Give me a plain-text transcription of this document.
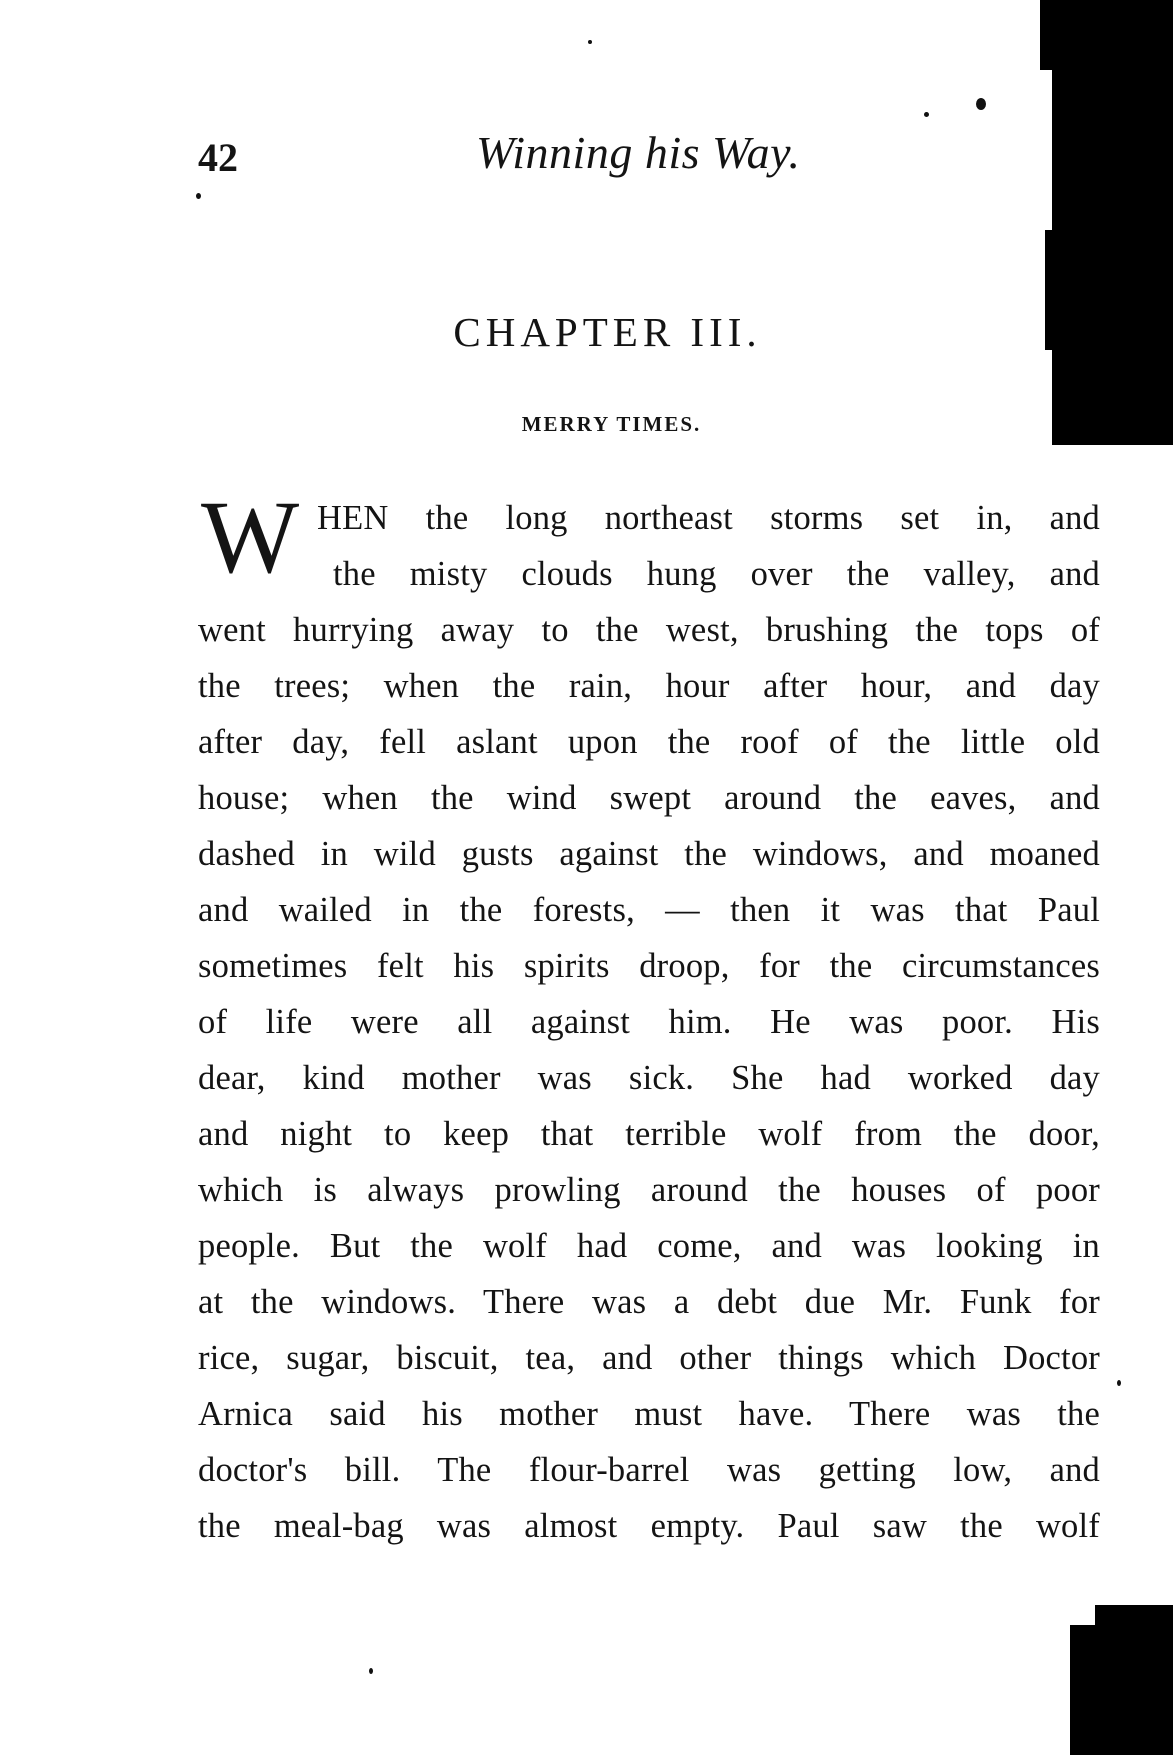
42	Winning his Way.
CHAPTER III.
MERRY TIMES.
W HEN the long northeast storms set in, and
the misty clouds hung over the valley, and
went hurrying away to the west, brushing the tops of
the trees; when the rain, hour after hour, and day
after day, fell aslant upon the roof of the little old
house; when the wind swept around the eaves, and
dashed in wild gusts against the windows, and moaned
and wailed in the forests, — then it was that Paul
sometimes felt his spirits droop, for the circumstances
of life were all against him. He was poor. His
dear, kind mother was sick. She had worked day
and night to keep that terrible wolf from the door,
which is always prowling around the houses of poor
people. But the wolf had come, and was looking in
at the windows. There was a debt due Mr. Funk for
rice, sugar, biscuit, tea, and other things which Doctor
Arnica said his mother must have. There was the
doctor's bill. The flour-barrel was getting low, and
the meal-bag was almost empty. Paul saw the wolf
